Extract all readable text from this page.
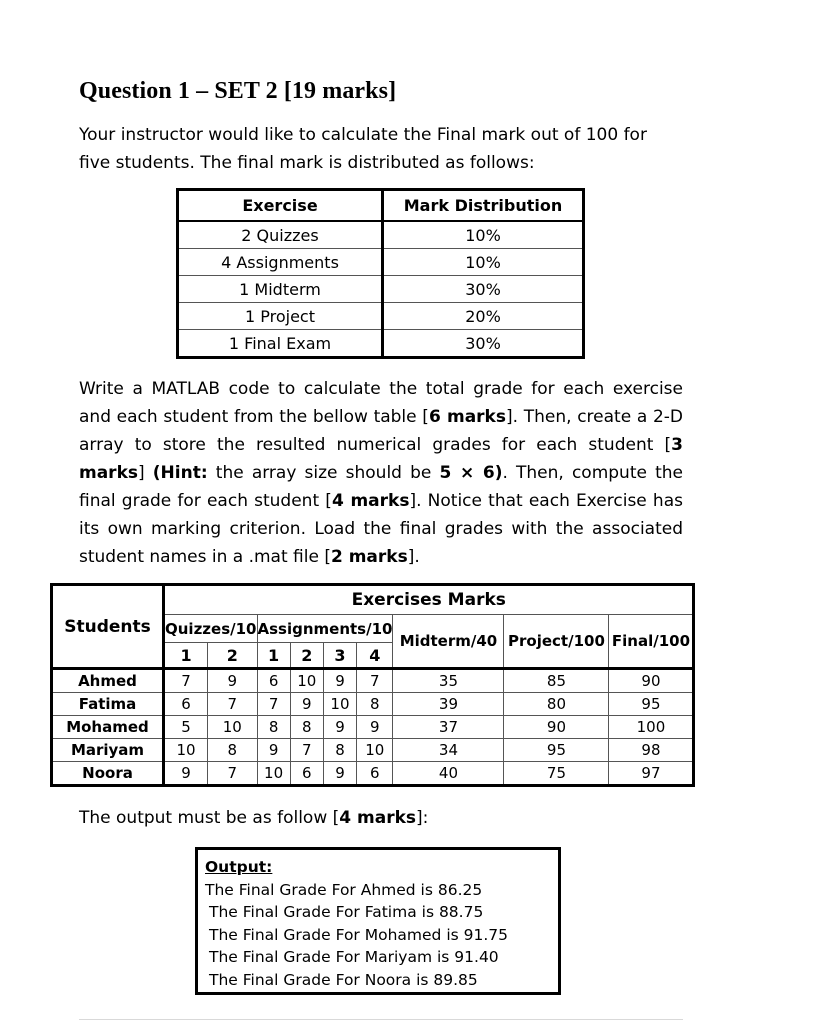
Question 1 – SET 2 [19 marks]

Your instructor would like to calculate the Final mark out of 100 for five students. The final mark is distributed as follows:

Exercise	Mark Distribution
2 Quizzes	10%
4 Assignments	10%
1 Midterm	30%
1 Project	20%
1 Final Exam	30%

Write a MATLAB code to calculate the total grade for each exercise and each student from the bellow table [6 marks]. Then, create a 2-D array to store the resulted numerical grades for each student [3 marks] (Hint: the array size should be 5 × 6). Then, compute the final grade for each student [4 marks]. Notice that each Exercise has its own marking criterion. Load the final grades with the associated student names in a .mat file [2 marks].

Students	Exercises Marks								
	Quizzes/10		Assignments/10				Midterm/40	Project/100	Final/100
	1	2	1	2	3	4			
Ahmed	7	9	6	10	9	7	35	85	90
Fatima	6	7	7	9	10	8	39	80	95
Mohamed	5	10	8	8	9	9	37	90	100
Mariyam	10	8	9	7	8	10	34	95	98
Noora	9	7	10	6	9	6	40	75	97
The output must be as follow [4 marks]:
Output:
The Final Grade For Ahmed is 86.25
The Final Grade For Fatima is 88.75
The Final Grade For Mohamed is 91.75
The Final Grade For Mariyam is 91.40
The Final Grade For Noora is 89.85
